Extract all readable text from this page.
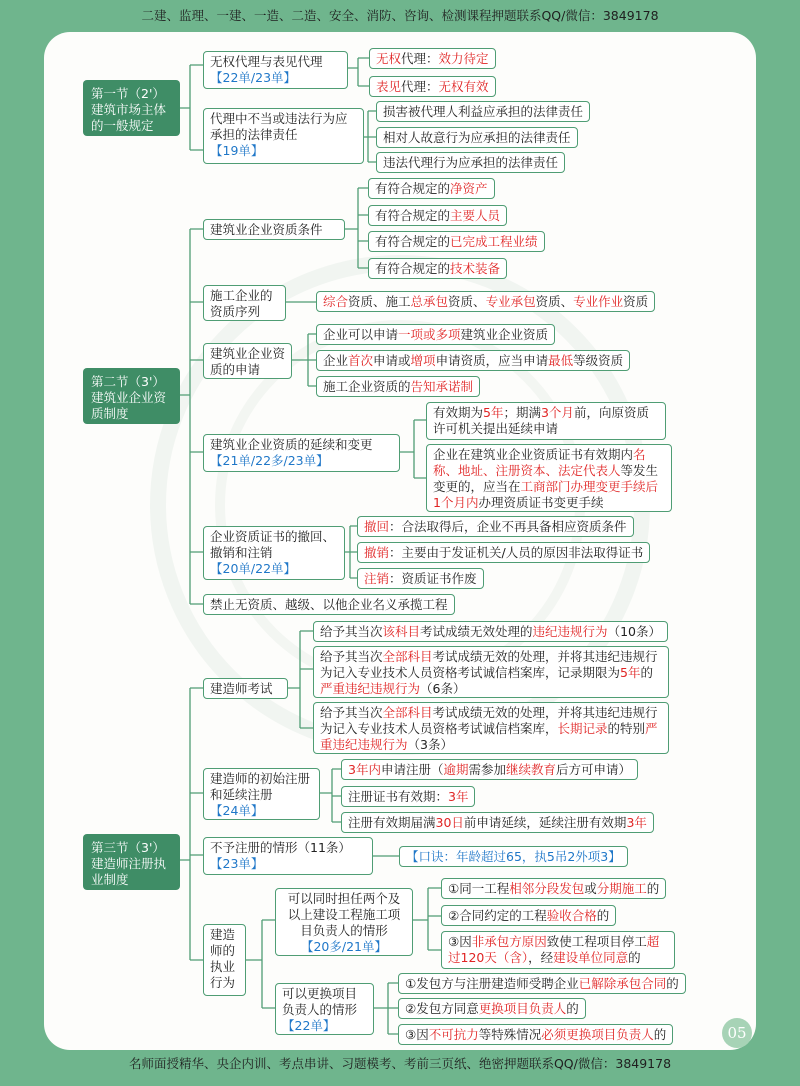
二建、监理、一建、一造、二造、安全、消防、咨询、检测课程押题联系QQ/微信：3849178
第一节（2'）建筑市场主体的一般规定
无权代理与表见代理
【22单/23单】
无权代理：效力待定
表见代理：无权有效
代理中不当或违法行为应承担的法律责任
【19单】
损害被代理人利益应承担的法律责任
相对人故意行为应承担的法律责任
违法代理行为应承担的法律责任
第二节（3'）建筑业企业资质制度
建筑业企业资质条件
有符合规定的净资产
有符合规定的主要人员
有符合规定的已完成工程业绩
有符合规定的技术装备
施工企业的资质序列
综合资质、施工总承包资质、专业承包资质、专业作业资质
建筑业企业资质的申请
企业可以申请一项或多项建筑业企业资质
企业首次申请或增项申请资质，应当申请最低等级资质
施工企业资质的告知承诺制
建筑业企业资质的延续和变更
【21单/22多/23单】
有效期为5年；期满3个月前，向原资质许可机关提出延续申请
企业在建筑业企业资质证书有效期内名称、地址、注册资本、法定代表人等发生变更的，应当在工商部门办理变更手续后1个月内办理资质证书变更手续
企业资质证书的撤回、撤销和注销
【20单/22单】
撤回：合法取得后，企业不再具备相应资质条件
撤销：主要由于发证机关/人员的原因非法取得证书
注销：资质证书作废
禁止无资质、越级、以他企业名义承揽工程
第三节（3'）建造师注册执业制度
建造师考试
给予其当次该科目考试成绩无效处理的违纪违规行为（10条）
给予其当次全部科目考试成绩无效的处理，并将其违纪违规行为记入专业技术人员资格考试诚信档案库，记录期限为5年的严重违纪违规行为（6条）
给予其当次全部科目考试成绩无效的处理，并将其违纪违规行为记入专业技术人员资格考试诚信档案库，长期记录的特别严重违纪违规行为（3条）
建造师的初始注册和延续注册
【24单】
3年内申请注册（逾期需参加继续教育后方可申请）
注册证书有效期：3年
注册有效期届满30日前申请延续，延续注册有效期3年
不予注册的情形（11条）
【23单】	【口诀：年龄超过65，执5吊2外项3】
建造师的执业行为
可以同时担任两个及以上建设工程施工项目负责人的情形
【20多/21单】
①同一工程相邻分段发包或分期施工的
②合同约定的工程验收合格的
③因非承包方原因致使工程项目停工超过120天（含），经建设单位同意的
可以更换项目负责人的情形
【22单】
①发包方与注册建造师受聘企业已解除承包合同的
②发包方同意更换项目负责人的
③因不可抗力等特殊情况必须更换项目负责人的	05
名师面授精华、央企内训、考点串讲、习题模考、考前三页纸、绝密押题联系QQ/微信：3849178
